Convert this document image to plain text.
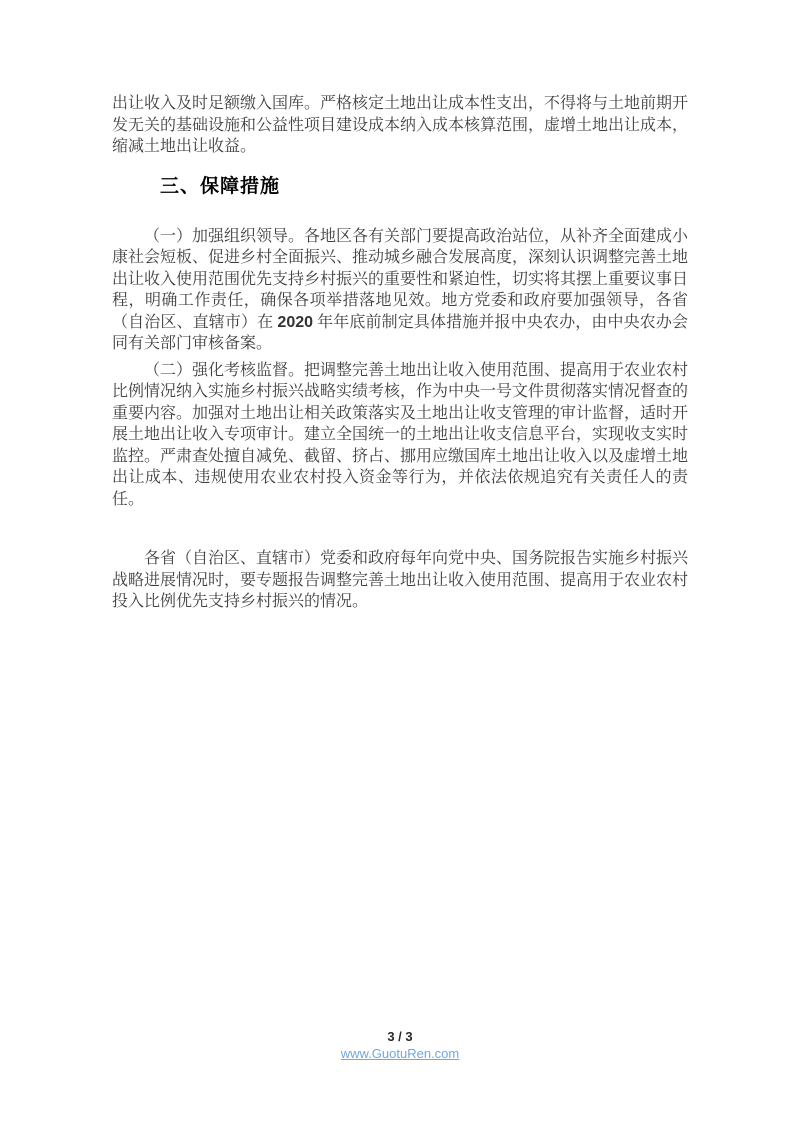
出让收入及时足额缴入国库。严格核定土地出让成本性支出，不得将与土地前期开发无关的基础设施和公益性项目建设成本纳入成本核算范围，虚增土地出让成本，缩减土地出让收益。

三、保障措施

（一）加强组织领导。各地区各有关部门要提高政治站位，从补齐全面建成小康社会短板、促进乡村全面振兴、推动城乡融合发展高度，深刻认识调整完善土地出让收入使用范围优先支持乡村振兴的重要性和紧迫性，切实将其摆上重要议事日程，明确工作责任，确保各项举措落地见效。地方党委和政府要加强领导，各省（自治区、直辖市）在 2020 年年底前制定具体措施并报中央农办，由中央农办会同有关部门审核备案。

（二）强化考核监督。把调整完善土地出让收入使用范围、提高用于农业农村比例情况纳入实施乡村振兴战略实绩考核，作为中央一号文件贯彻落实情况督查的重要内容。加强对土地出让相关政策落实及土地出让收支管理的审计监督，适时开展土地出让收入专项审计。建立全国统一的土地出让收支信息平台，实现收支实时监控。严肃查处擅自减免、截留、挤占、挪用应缴国库土地出让收入以及虚增土地出让成本、违规使用农业农村投入资金等行为，并依法依规追究有关责任人的责任。

各省（自治区、直辖市）党委和政府每年向党中央、国务院报告实施乡村振兴战略进展情况时，要专题报告调整完善土地出让收入使用范围、提高用于农业农村投入比例优先支持乡村振兴的情况。

3 / 3
www.GuotuRen.com
